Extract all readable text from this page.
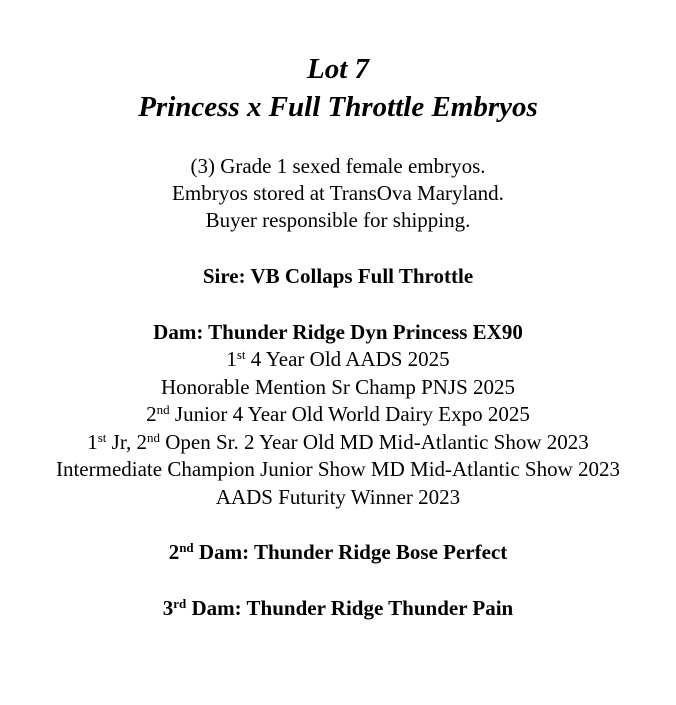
Lot 7
Princess x Full Throttle Embryos
(3) Grade 1 sexed female embryos.
Embryos stored at TransOva Maryland.
Buyer responsible for shipping.
Sire: VB Collaps Full Throttle
Dam: Thunder Ridge Dyn Princess EX90
1st 4 Year Old AADS 2025
Honorable Mention Sr Champ PNJS 2025
2nd Junior 4 Year Old World Dairy Expo 2025
1st Jr, 2nd Open Sr. 2 Year Old MD Mid-Atlantic Show 2023
Intermediate Champion Junior Show MD Mid-Atlantic Show 2023
AADS Futurity Winner 2023
2nd Dam: Thunder Ridge Bose Perfect
3rd Dam: Thunder Ridge Thunder Pain
